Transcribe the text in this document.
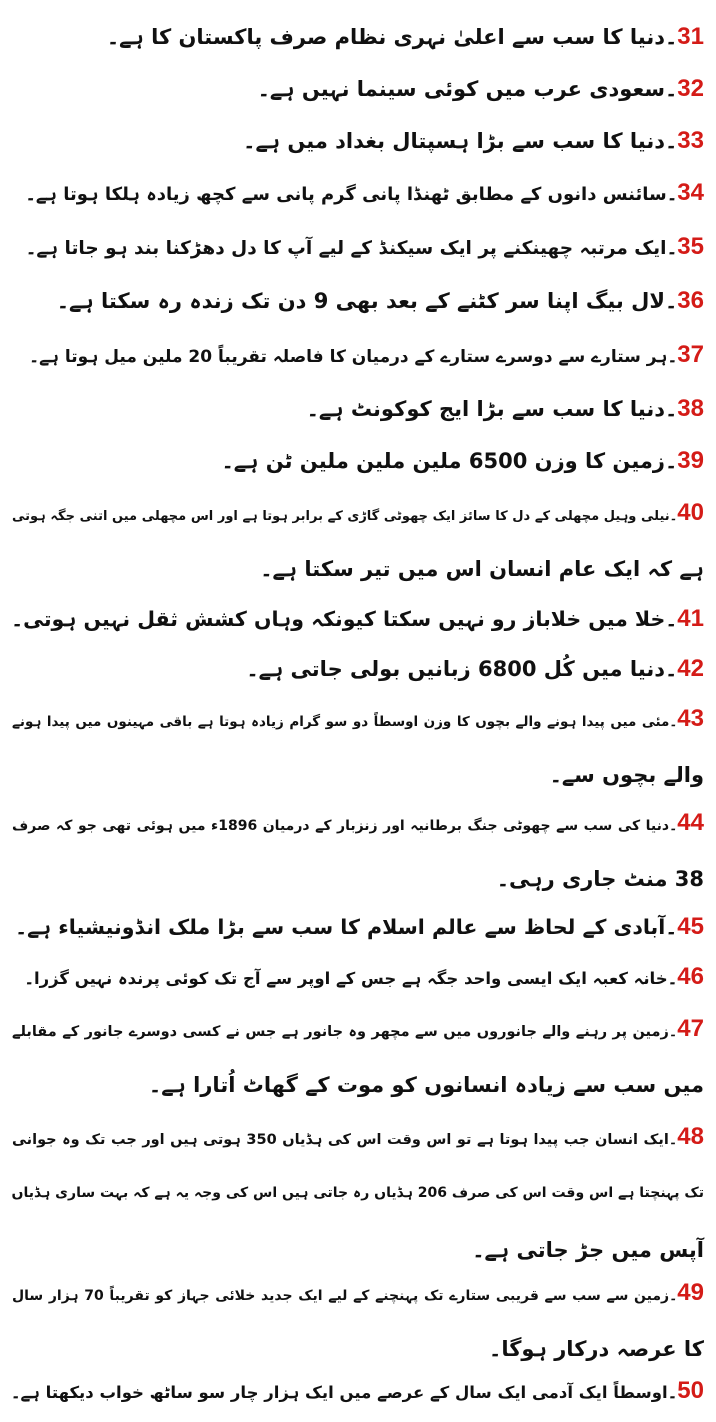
31۔دنیا کا سب سے اعلیٰ نہری نظام صرف پاکستان کا ہے۔
32۔سعودی عرب میں کوئی سینما نہیں ہے۔
33۔دنیا کا سب سے بڑا ہسپتال بغداد میں ہے۔
34۔سائنس دانوں کے مطابق ٹھنڈا پانی گرم پانی سے کچھ زیادہ ہلکا ہوتا ہے۔
35۔ایک مرتبہ چھینکنے پر ایک سیکنڈ کے لیے آپ کا دل دھڑکنا بند ہو جاتا ہے۔
36۔لال بیگ اپنا سر کٹنے کے بعد بھی 9 دن تک زندہ رہ سکتا ہے۔
37۔ہر ستارے سے دوسرے ستارے کے درمیان کا فاصلہ تقریباً 20 ملین میل ہوتا ہے۔
38۔دنیا کا سب سے بڑا ایج کوکونٹ ہے۔
39۔زمین کا وزن 6500 ملین ملین ملین ٹن ہے۔
40۔نیلی وہیل مچھلی کے دل کا سائز ایک چھوٹی گاڑی کے برابر ہوتا ہے اور اس مچھلی میں اتنی جگہ ہوتی
ہے کہ ایک عام انسان اس میں تیر سکتا ہے۔
41۔خلا میں خلاباز رو نہیں سکتا کیونکہ وہاں کشش ثقل نہیں ہوتی۔
42۔دنیا میں کُل 6800 زبانیں بولی جاتی ہے۔
43۔مئی میں پیدا ہونے والے بچوں کا وزن اوسطاً دو سو گرام زیادہ ہوتا ہے باقی مہینوں میں پیدا ہونے
والے بچوں سے۔
44۔دنیا کی سب سے چھوٹی جنگ برطانیہ اور زنزبار کے درمیان 1896ء میں ہوئی تھی جو کہ صرف
38 منٹ جاری رہی۔
45۔آبادی کے لحاظ سے عالم اسلام کا سب سے بڑا ملک انڈونیشیاء ہے۔
46۔خانہ کعبہ ایک ایسی واحد جگہ ہے جس کے اوپر سے آج تک کوئی پرندہ نہیں گزرا۔
47۔زمین پر رہنے والے جانوروں میں سے مچھر وہ جانور ہے جس نے کسی دوسرے جانور کے مقابلے
میں سب سے زیادہ انسانوں کو موت کے گھاٹ اُتارا ہے۔
48۔ایک انسان جب پیدا ہوتا ہے تو اس وقت اس کی ہڈیاں 350 ہوتی ہیں اور جب تک وہ جوانی
تک پہنچتا ہے اس وقت اس کی صرف 206 ہڈیاں رہ جاتی ہیں اس کی وجہ یہ ہے کہ بہت ساری ہڈیاں
آپس میں جڑ جاتی ہے۔
49۔زمین سے سب سے قریبی ستارے تک پہنچنے کے لیے ایک جدید خلائی جہاز کو تقریباً 70 ہزار سال
کا عرصہ درکار ہوگا۔
50۔اوسطاً ایک آدمی ایک سال کے عرصے میں ایک ہزار چار سو ساٹھ خواب دیکھتا ہے۔
